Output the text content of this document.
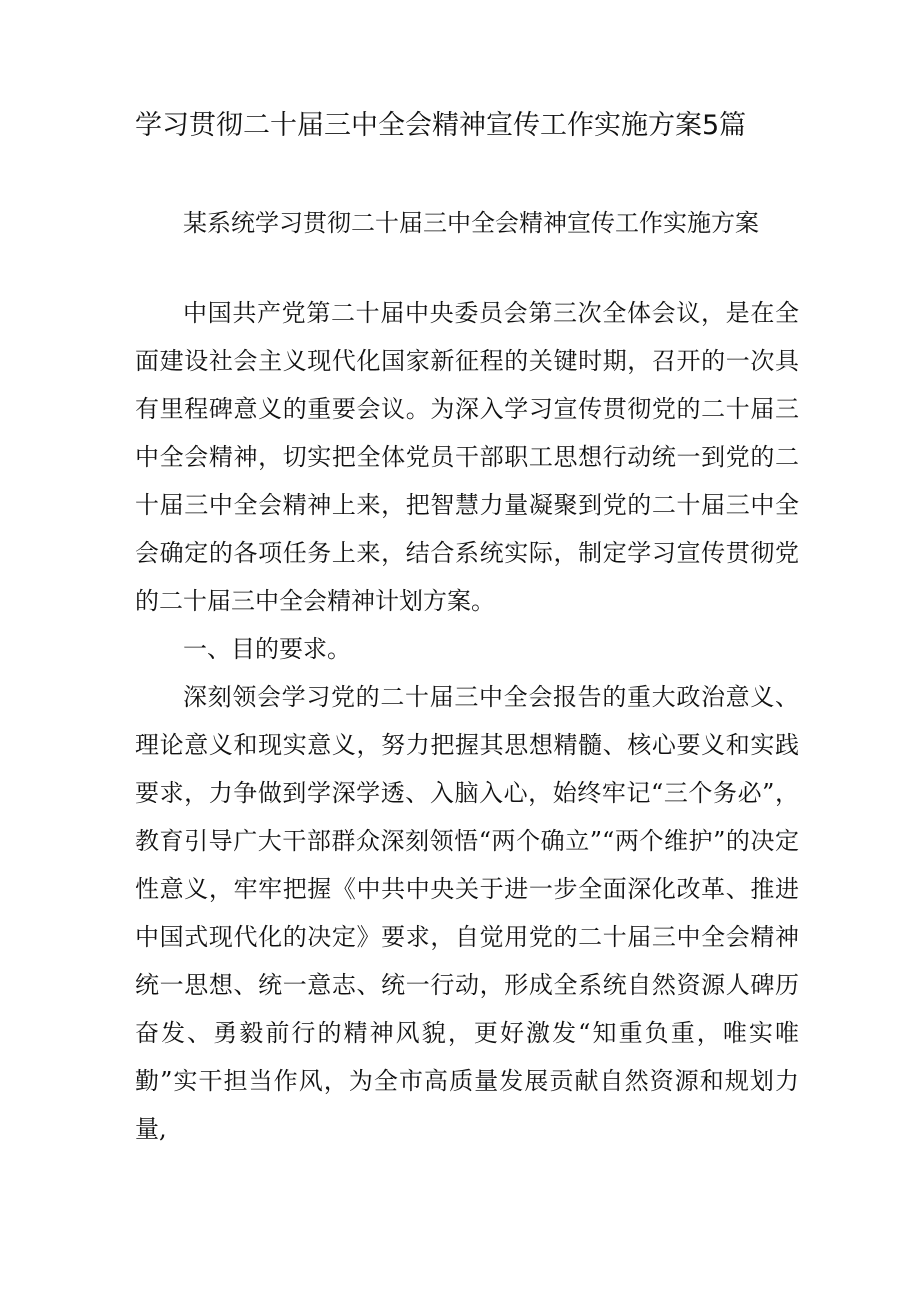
学习贯彻二十届三中全会精神宣传工作实施方案5篇
某系统学习贯彻二十届三中全会精神宣传工作实施方案

中国共产党第二十届中央委员会第三次全体会议，是在全面建设社会主义现代化国家新征程的关键时期，召开的一次具有里程碑意义的重要会议。为深入学习宣传贯彻党的二十届三中全会精神，切实把全体党员干部职工思想行动统一到党的二十届三中全会精神上来，把智慧力量凝聚到党的二十届三中全会确定的各项任务上来，结合系统实际，制定学习宣传贯彻党的二十届三中全会精神计划方案。

一、目的要求。

深刻领会学习党的二十届三中全会报告的重大政治意义、理论意义和现实意义，努力把握其思想精髓、核心要义和实践要求，力争做到学深学透、入脑入心，始终牢记“三个务必”，教育引导广大干部群众深刻领悟“两个确立”“两个维护”的决定性意义，牢牢把握《中共中央关于进一步全面深化改革、推进中国式现代化的决定》要求，自觉用党的二十届三中全会精神统一思想、统一意志、统一行动，形成全系统自然资源人碑历奋发、勇毅前行的精神风貌，更好激发“知重负重，唯实唯勤”实干担当作风，为全市高质量发展贡献自然资源和规划力量,
